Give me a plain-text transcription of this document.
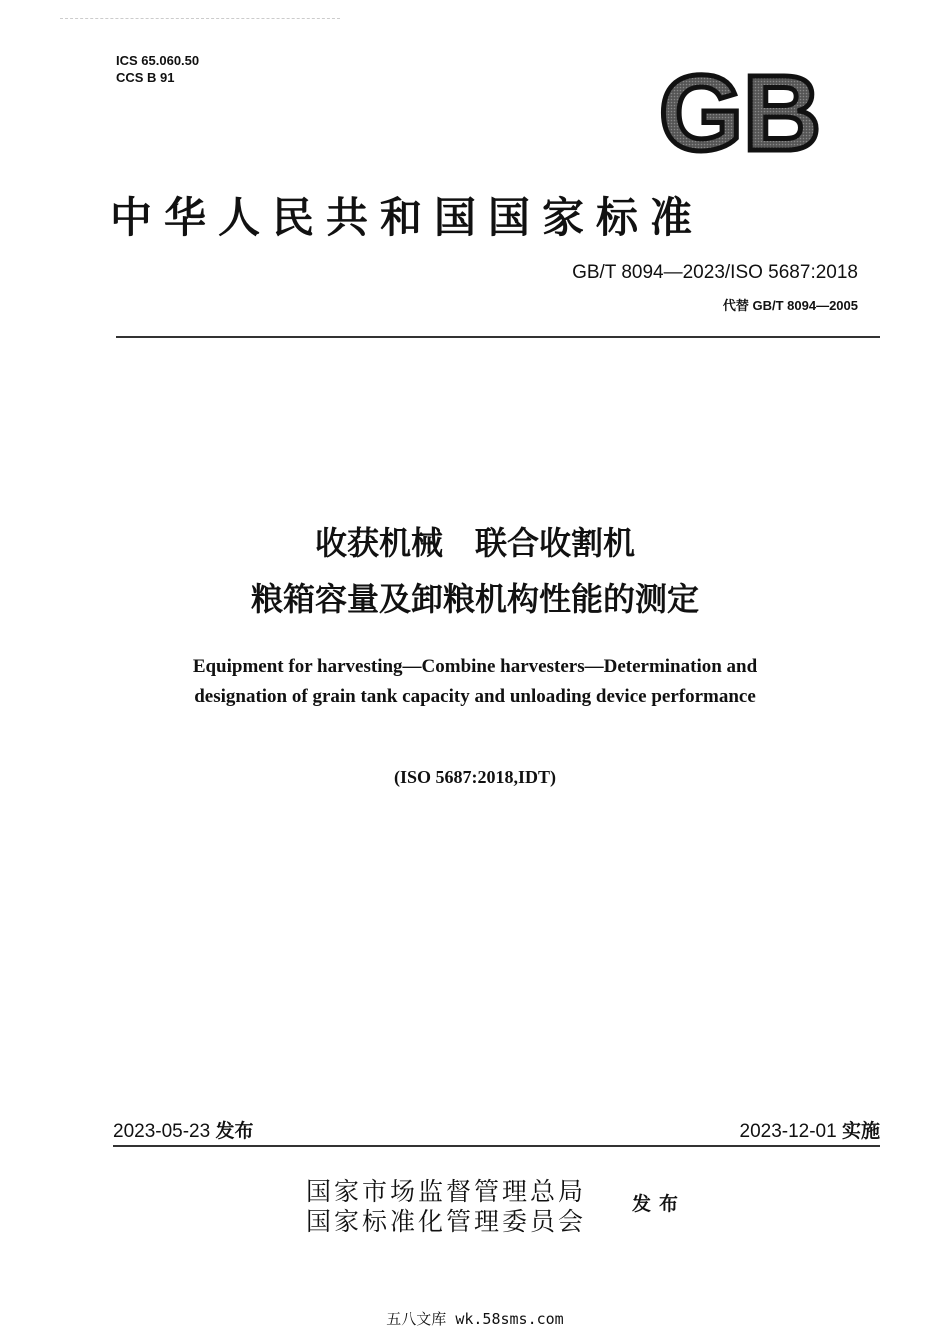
ICS 65.060.50
CCS B 91	GB
中华人民共和国国家标准
GB/T 8094—2023/ISO 5687:2018
代替 GB/T 8094—2005
收获机械　联合收割机
粮箱容量及卸粮机构性能的测定
Equipment for harvesting—Combine harvesters—Determination and
designation of grain tank capacity and unloading device performance
(ISO 5687:2018,IDT)
2023-05-23 发布	2023-12-01 实施
国家市场监督管理总局
国家标准化管理委员会
发布
五八文库 wk.58sms.com
